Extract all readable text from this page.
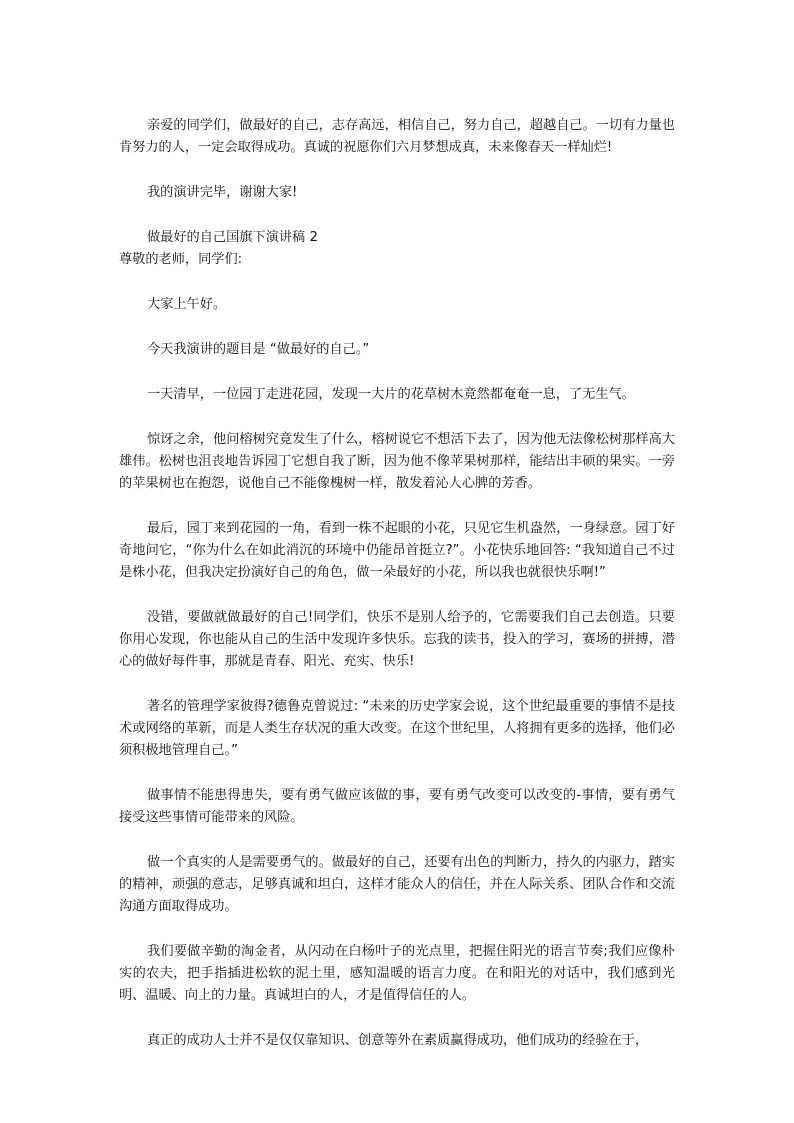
亲爱的同学们，做最好的自己，志存高远，相信自己，努力自己，超越自己。一切有力量也肯努力的人，一定会取得成功。真诚的祝愿你们六月梦想成真，未来像春天一样灿烂!

我的演讲完毕，谢谢大家!

做最好的自己国旗下演讲稿 2

尊敬的老师，同学们:

大家上午好。

今天我演讲的题目是 “做最好的自己。”

一天清早，一位园丁走进花园，发现一大片的花草树木竟然都奄奄一息，了无生气。

惊讶之余，他问榕树究竟发生了什么，榕树说它不想活下去了，因为他无法像松树那样高大雄伟。松树也沮丧地告诉园丁它想自我了断，因为他不像苹果树那样，能结出丰硕的果实。一旁的苹果树也在抱怨，说他自己不能像槐树一样，散发着沁人心脾的芳香。

最后，园丁来到花园的一角，看到一株不起眼的小花，只见它生机盎然，一身绿意。园丁好奇地问它，“你为什么在如此消沉的环境中仍能昂首挺立?”。小花快乐地回答: “我知道自己不过是株小花，但我决定扮演好自己的角色，做一朵最好的小花，所以我也就很快乐啊!”

没错，要做就做最好的自己!同学们，快乐不是别人给予的，它需要我们自己去创造。只要你用心发现，你也能从自己的生活中发现许多快乐。忘我的读书，投入的学习，赛场的拼搏，潜心的做好每件事，那就是青春、阳光、充实、快乐!

著名的管理学家彼得?德鲁克曾说过: “未来的历史学家会说，这个世纪最重要的事情不是技术或网络的革新，而是人类生存状况的重大改变。在这个世纪里，人将拥有更多的选择，他们必须积极地管理自己。”

做事情不能患得患失，要有勇气做应该做的事，要有勇气改变可以改变的-事情，要有勇气接受这些事情可能带来的风险。

做一个真实的人是需要勇气的。做最好的自己，还要有出色的判断力，持久的内驱力，踏实的精神，顽强的意志，足够真诚和坦白，这样才能众人的信任，并在人际关系、团队合作和交流沟通方面取得成功。

我们要做辛勤的淘金者，从闪动在白杨叶子的光点里，把握住阳光的语言节奏;我们应像朴实的农夫，把手指插进松软的泥土里，感知温暖的语言力度。在和阳光的对话中，我们感到光明、温暖、向上的力量。真诚坦白的人，才是值得信任的人。

真正的成功人士并不是仅仅靠知识、创意等外在素质赢得成功，他们成功的经验在于，
